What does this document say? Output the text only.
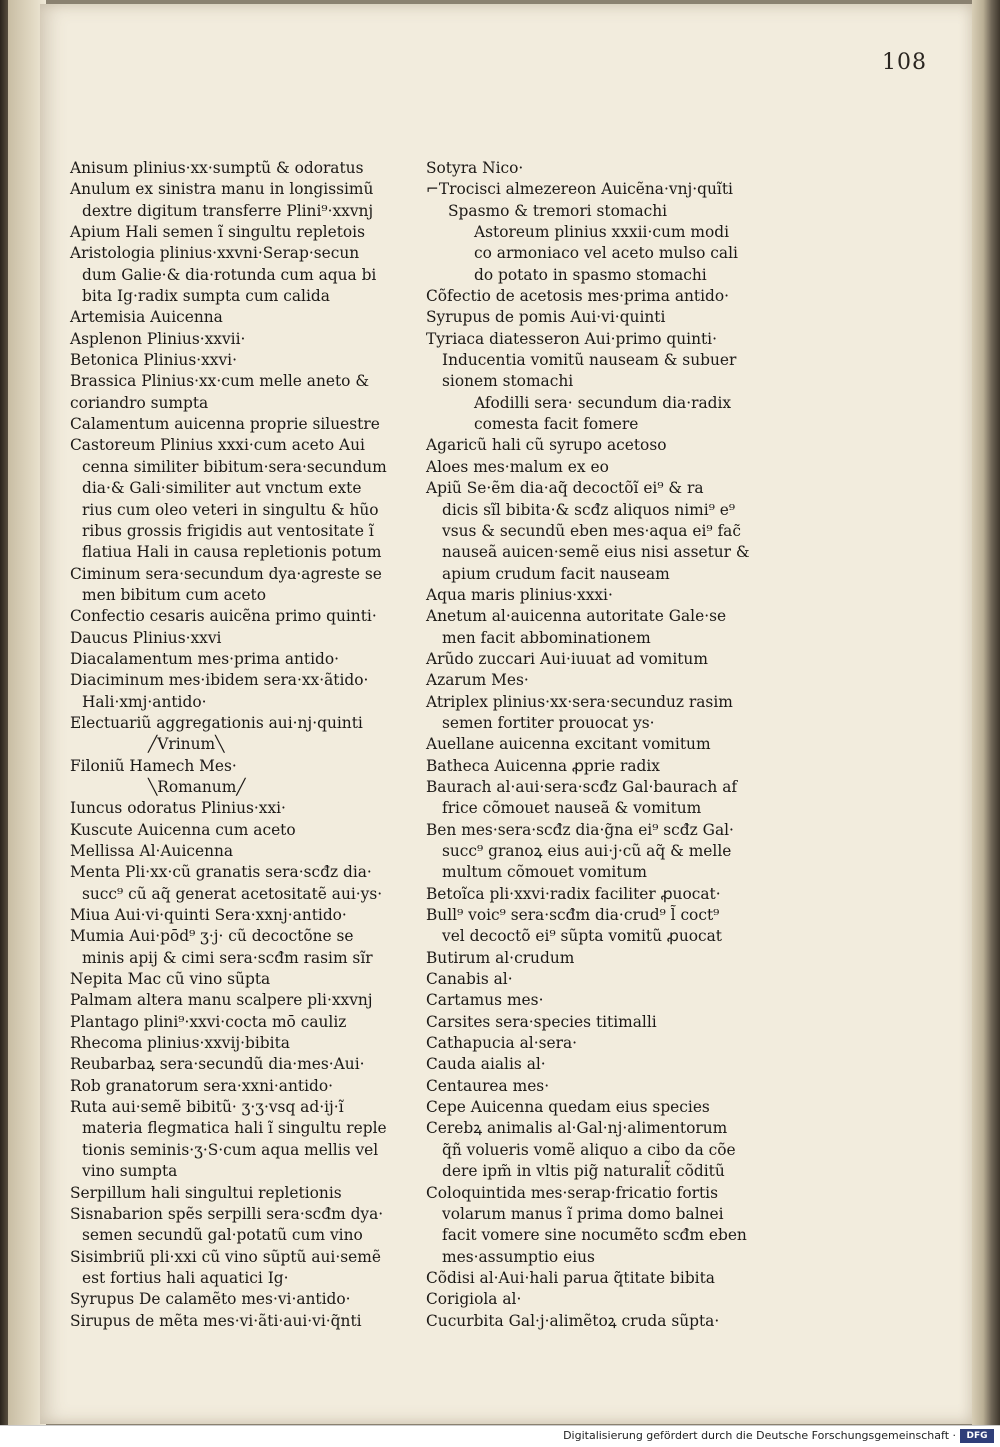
108
Anisum plinius·xx·sumptũ & odoratus
Anulum ex sinistra manu in longissimũ
dextre digitum transferre Plini⁹·xxvnj
Apium Hali semen ĩ singultu repletois
Aristologia plinius·xxvni·Serap·secun
dum Galie·& dia·rotunda cum aqua bi
bita Ig·radix sumpta cum calida
Artemisia Auicenna
Asplenon Plinius·xxvii·
Betonica Plinius·xxvi·
Brassica Plinius·xx·cum melle aneto &
coriandro sumpta
Calamentum auicenna proprie siluestre
Castoreum Plinius xxxi·cum aceto Aui
cenna similiter bibitum·sera·secundum
dia·& Gali·similiter aut vnctum exte
rius cum oleo veteri in singultu & hũo
ribus grossis frigidis aut ventositate ĩ
flatiua Hali in causa repletionis potum
Ciminum sera·secundum dya·agreste se
men bibitum cum aceto
Confectio cesaris auicẽna primo quinti·
Daucus Plinius·xxvi
Diacalamentum mes·prima antido·
Diaciminum mes·ibidem sera·xx·ãtido·
Hali·xmj·antido·
Electuariũ aggregationis aui·nj·quinti
╱Vrinum╲
Filoniũ Hamech Mes·
╲Romanum╱
Iuncus odoratus Plinius·xxi·
Kuscute Auicenna cum aceto
Mellissa Al·Auicenna
Menta Pli·xx·cũ granatis sera·scđz dia·
succ⁹ cũ aq̃ generat acetositatẽ aui·ys·
Miua Aui·vi·quinti Sera·xxnj·antido·
Mumia Aui·pōd⁹ ʒ·j· cũ decoctõne se
minis apij & cimi sera·scđm rasim sĩr
Nepita Mac cũ vino sũpta
Palmam altera manu scalpere pli·xxvnj
Plantago plini⁹·xxvi·cocta mō cauliz
Rhecoma plinius·xxvij·bibita
Reubarbaꝝ sera·secundũ dia·mes·Aui·
Rob granatorum sera·xxni·antido·
Ruta aui·semẽ bibitũ· ʒ·ʒ·vsq ad·ij·ĩ
materia flegmatica hali ĩ singultu reple
tionis seminis·ʒ·S·cum aqua mellis vel
vino sumpta
Serpillum hali singultui repletionis
Sisnabarion spẽs serpilli sera·scđm dya·
semen secundũ gal·potatũ cum vino
Sisimbriũ pli·xxi cũ vino sũptũ aui·semẽ
est fortius hali aquatici Ig·
Syrupus De calamẽto mes·vi·antido·
Sirupus de mẽta mes·vi·ãti·aui·vi·q̃nti
Sotyra Nico·
⌐Trocisci almezereon Auicẽna·vnj·quĩti
Spasmo & tremori stomachi
Astoreum plinius xxxii·cum modi
co armoniaco vel aceto mulso cali
do potato in spasmo stomachi
Cõfectio de acetosis mes·prima antido·
Syrupus de pomis Aui·vi·quinti
Tyriaca diatesseron Aui·primo quinti·
Inducentia vomitũ nauseam & subuer
sionem stomachi
Afodilli sera· secundum dia·radix
comesta facit fomere
Agaricũ hali cũ syrupo acetoso
Aloes mes·malum ex eo
Apiũ Se·ẽm dia·aq̃ decoctõĩ ei⁹ & ra
dicis sĩl bibita·& scđz aliquos nimi⁹ e⁹
vsus & secundũ eben mes·aqua ei⁹ fac̃
nauseã auicen·semẽ eius nisi assetur &
apium crudum facit nauseam
Aqua maris plinius·xxxi·
Anetum al·auicenna autoritate Gale·se
men facit abbominationem
Arũdo zuccari Aui·iuuat ad vomitum
Azarum Mes·
Atriplex plinius·xx·sera·secunduz rasim
semen fortiter prouocat ys·
Auellane auicenna excitant vomitum
Batheca Auicenna ꝓprie radix
Baurach al·aui·sera·scđz Gal·baurach af
frice cõmouet nauseã & vomitum
Ben mes·sera·scđz dia·g̃na ei⁹ scđz Gal·
succ⁹ granoꝝ eius aui·j·cũ aq̃ & melle
multum cõmouet vomitum
Betoĩca pli·xxvi·radix faciliter ꝓuocat·
Bull⁹ voic⁹ sera·scđm dia·crud⁹ l̃ coct⁹
vel decoctõ ei⁹ sũpta vomitũ ꝓuocat
Butirum al·crudum
Canabis al·
Cartamus mes·
Carsites sera·species titimalli
Cathapucia al·sera·
Cauda aialis al·
Centaurea mes·
Cepe Auicenna quedam eius species
Cerebꝝ animalis al·Gal·nj·alimentorum
q̃ñ volueris vomẽ aliquo a cibo da cõe
dere ipm̃ in vltis pig̃ naturalit̃ cõditũ
Coloquintida mes·serap·fricatio fortis
volarum manus ĩ prima domo balnei
facit vomere sine nocumẽto scđm eben
mes·assumptio eius
Cõdisi al·Aui·hali parua q̃titate bibita
Corigiola al·
Cucurbita Gal·j·alimẽtoꝝ cruda sũpta·
Digitalisierung gefördert durch die Deutsche Forschungsgemeinschaft ·	DFG
